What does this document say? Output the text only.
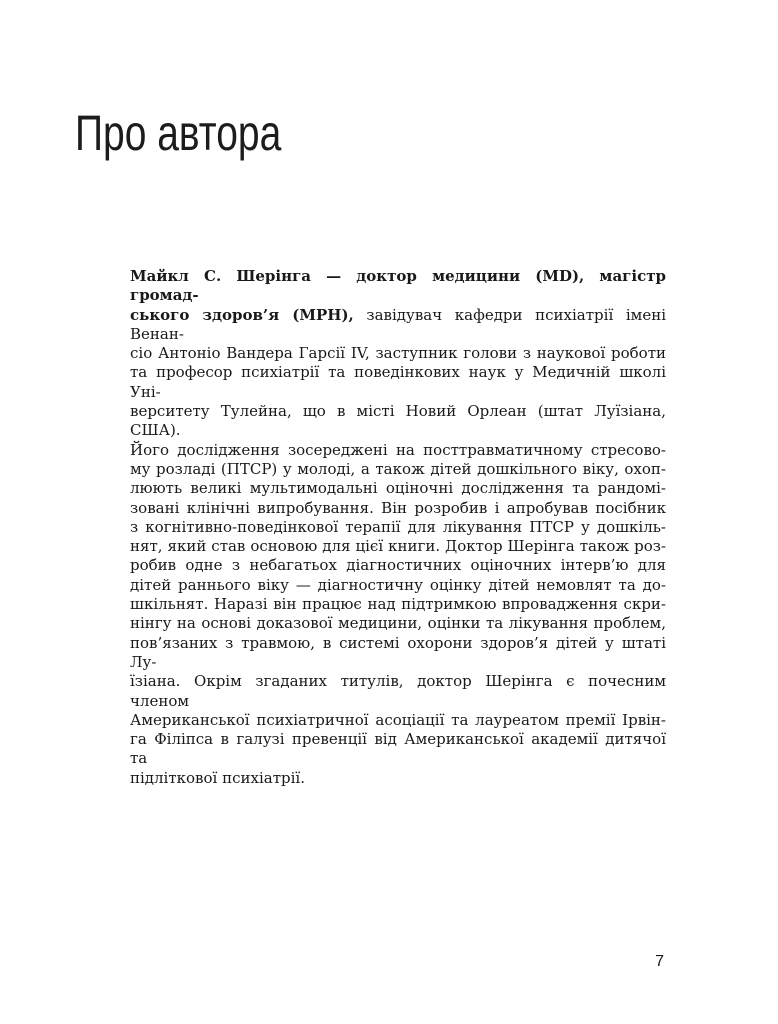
Про автора
Майкл С. Шерінга — доктор медицини (MD), магістр громад-
ського здоров’я (MPH), завідувач кафедри психіатрії імені Венан-
сіо Антоніо Вандера Гарсії IV, заступник голови з наукової роботи
та професор психіатрії та поведінкових наук у Медичній школі Уні-
верситету Тулейна, що в місті Новий Орлеан (штат Луїзіана, США).
Його дослідження зосереджені на посттравматичному стресово-
му розладі (ПТСР) у молоді, а також дітей дошкільного віку, охоп-
люють великі мультимодальні оціночні дослідження та рандомі-
зовані клінічні випробування. Він розробив і апробував посібник
з когнітивно-поведінкової терапії для лікування ПТСР у дошкіль-
нят, який став основою для цієї книги. Доктор Шерінга також роз-
робив одне з небагатьох діагностичних оціночних інтерв’ю для
дітей раннього віку — діагностичну оцінку дітей немовлят та до-
шкільнят. Наразі він працює над підтримкою впровадження скри-
нінгу на основі доказової медицини, оцінки та лікування проблем,
пов’язаних з травмою, в системі охорони здоров’я дітей у штаті Лу-
їзіана. Окрім згаданих титулів, доктор Шерінга є почесним членом
Американської психіатричної асоціації та лауреатом премії Ірвін-
га Філіпса в галузі превенції від Американської академії дитячої та
підліткової психіатрії.
7
